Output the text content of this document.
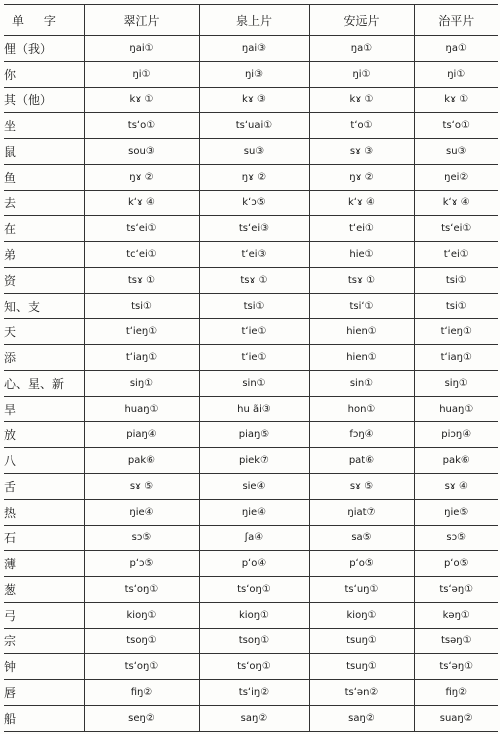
单 字	翠江片	泉上片	安远片	治平片
俚（我）	ŋai①	ŋai③	ŋa①	ŋa①
你	ŋi①	ŋi③	ŋi①	ŋi①
其（他）	kɤ ①	kɤ ③	kɤ ①	kɤ ①
坐	tsʻo①	tsʻuai①	tʻo①	tsʻo①
鼠	sou③	su③	sɤ ③	su③
鱼	ŋɤ ②	ŋɤ ②	ŋɤ ②	ŋei②
去	kʻɤ ④	kʻɔ⑤	kʻɤ ④	kʻɤ ④
在	tsʻei①	tsʻei③	tʻei①	tsʻei①
弟	tcʻei①	tʻei③	hie①	tʻei①
资	tsɤ ①	tsɤ ①	tsɤ ①	tsi①
知、支	tsi①	tsi①	tsiʻ①	tsi①
天	tʻieŋ①	tʻie①	hien①	tʻieŋ①
添	tʻiaŋ①	tʻie①	hien①	tʻiaŋ①
心、星、新	siŋ①	sin①	sin①	siŋ①
旱	huaŋ①	hu ãi③	hon①	huaŋ①
放	piaŋ④	piaŋ⑤	fɔŋ④	piɔŋ④
八	pak⑥	piek⑦	pat⑥	pak⑥
舌	sɤ ⑤	sie④	sɤ ⑤	sɤ ④
热	ŋie④	ŋie④	ŋiat⑦	ŋie⑤
石	sɔ⑤	ʃa④	sa⑤	sɔ⑤
薄	pʻɔ⑤	pʻo④	pʻo⑤	pʻo⑤
葱	tsʻoŋ①	tsʻoŋ①	tsʻuŋ①	tsʻəŋ①
弓	kioŋ①	kioŋ①	kioŋ①	kəŋ①
宗	tsoŋ①	tsoŋ①	tsuŋ①	tsəŋ①
钟	tsʻoŋ①	tsʻoŋ①	tsuŋ①	tsʻəŋ①
唇	fiŋ②	tsʻiŋ②	tsʻən②	fiŋ②
船	seŋ②	saŋ②	saŋ②	suaŋ②
